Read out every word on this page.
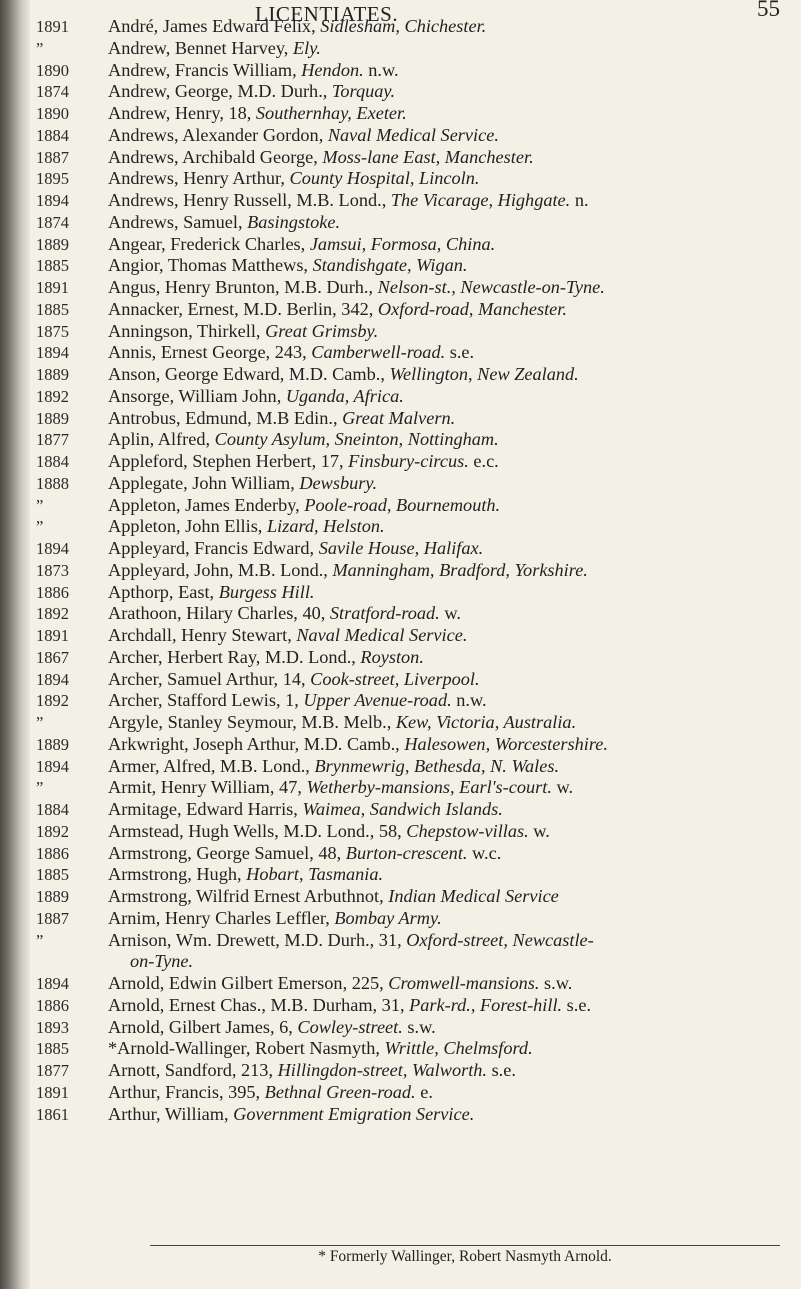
LICENTIATES.	55
1891
”
1890
1874
1890
1884
1887
1895
1894
1874
1889
1885
1891
1885
1875
1894
1889
1892
1889
1877
1884
1888
”
”
1894
1873
1886
1892
1891
1867
1894
1892
”
1889
1894
”
1884
1892
1886
1885
1889
1887
”
1894
1886
1893
1885
1877
1891
1861
André, James Edward Felix, Sidlesham, Chichester.
Andrew, Bennet Harvey, Ely.
Andrew, Francis William, Hendon. n.w.
Andrew, George, M.D. Durh., Torquay.
Andrew, Henry, 18, Southernhay, Exeter.
Andrews, Alexander Gordon, Naval Medical Service.
Andrews, Archibald George, Moss-lane East, Manchester.
Andrews, Henry Arthur, County Hospital, Lincoln.
Andrews, Henry Russell, M.B. Lond., The Vicarage, Highgate. n.
Andrews, Samuel, Basingstoke.
Angear, Frederick Charles, Jamsui, Formosa, China.
Angior, Thomas Matthews, Standishgate, Wigan.
Angus, Henry Brunton, M.B. Durh., Nelson-st., Newcastle-on-Tyne.
Annacker, Ernest, M.D. Berlin, 342, Oxford-road, Manchester.
Anningson, Thirkell, Great Grimsby.
Annis, Ernest George, 243, Camberwell-road. s.e.
Anson, George Edward, M.D. Camb., Wellington, New Zealand.
Ansorge, William John, Uganda, Africa.
Antrobus, Edmund, M.B Edin., Great Malvern.
Aplin, Alfred, County Asylum, Sneinton, Nottingham.
Appleford, Stephen Herbert, 17, Finsbury-circus. e.c.
Applegate, John William, Dewsbury.
Appleton, James Enderby, Poole-road, Bournemouth.
Appleton, John Ellis, Lizard, Helston.
Appleyard, Francis Edward, Savile House, Halifax.
Appleyard, John, M.B. Lond., Manningham, Bradford, Yorkshire.
Apthorp, East, Burgess Hill.
Arathoon, Hilary Charles, 40, Stratford-road. w.
Archdall, Henry Stewart, Naval Medical Service.
Archer, Herbert Ray, M.D. Lond., Royston.
Archer, Samuel Arthur, 14, Cook-street, Liverpool.
Archer, Stafford Lewis, 1, Upper Avenue-road. n.w.
Argyle, Stanley Seymour, M.B. Melb., Kew, Victoria, Australia.
Arkwright, Joseph Arthur, M.D. Camb., Halesowen, Worcestershire.
Armer, Alfred, M.B. Lond., Brynmewrig, Bethesda, N. Wales.
Armit, Henry William, 47, Wetherby-mansions, Earl's-court. w.
Armitage, Edward Harris, Waimea, Sandwich Islands.
Armstead, Hugh Wells, M.D. Lond., 58, Chepstow-villas. w.
Armstrong, George Samuel, 48, Burton-crescent. w.c.
Armstrong, Hugh, Hobart, Tasmania.
Armstrong, Wilfrid Ernest Arbuthnot, Indian Medical Service
Arnim, Henry Charles Leffler, Bombay Army.
Arnison, Wm. Drewett, M.D. Durh., 31, Oxford-street, Newcastle-
on-Tyne.
Arnold, Edwin Gilbert Emerson, 225, Cromwell-mansions. s.w.
Arnold, Ernest Chas., M.B. Durham, 31, Park-rd., Forest-hill. s.e.
Arnold, Gilbert James, 6, Cowley-street. s.w.
*Arnold-Wallinger, Robert Nasmyth, Writtle, Chelmsford.
Arnott, Sandford, 213, Hillingdon-street, Walworth. s.e.
Arthur, Francis, 395, Bethnal Green-road. e.
Arthur, William, Government Emigration Service.
* Formerly Wallinger, Robert Nasmyth Arnold.
